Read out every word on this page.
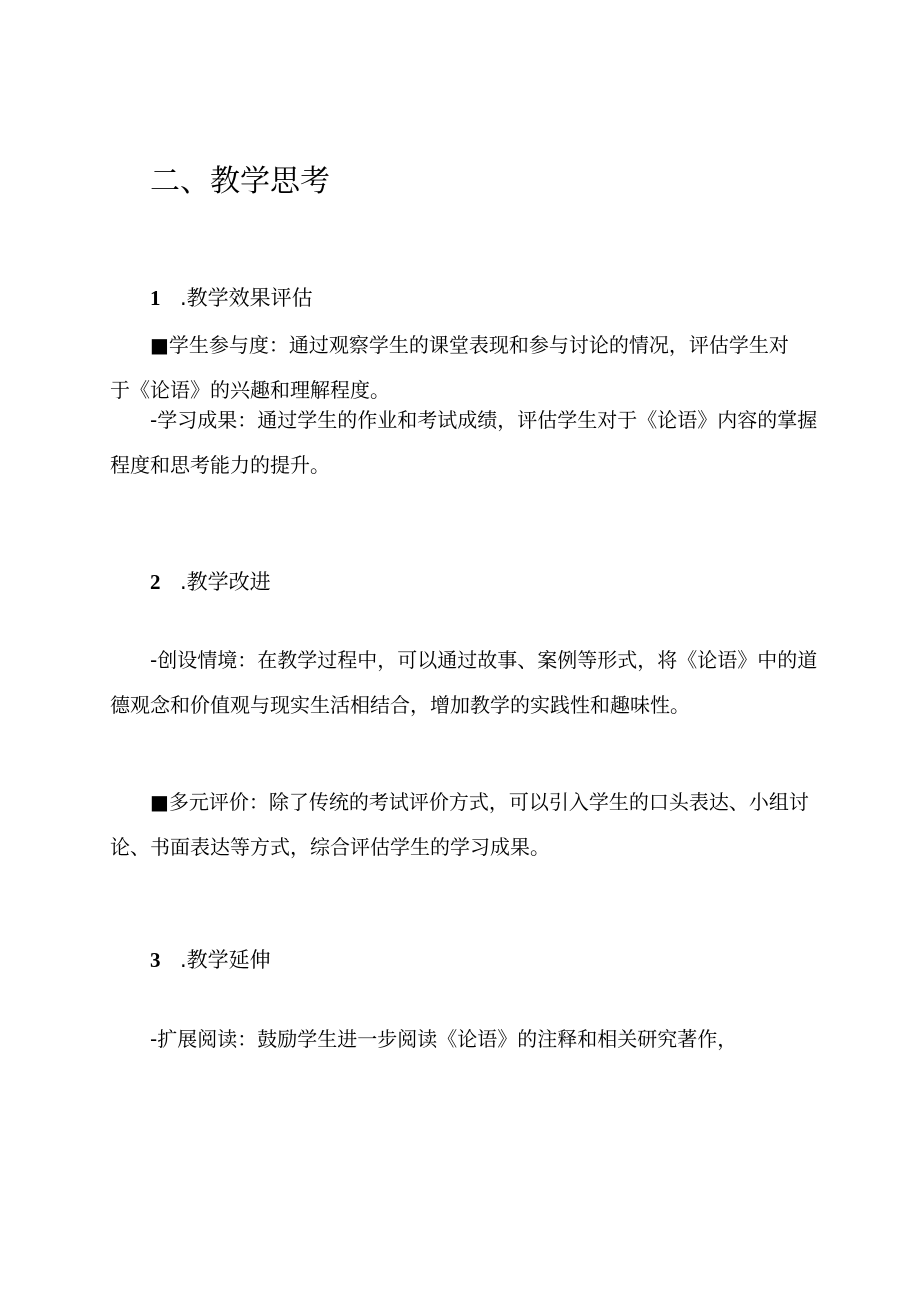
二、教学思考
1 .教学效果评估
■学生参与度：通过观察学生的课堂表现和参与讨论的情况，评估学生对于《论语》的兴趣和理解程度。
-学习成果：通过学生的作业和考试成绩，评估学生对于《论语》内容的掌握程度和思考能力的提升。
2 .教学改进
-创设情境：在教学过程中，可以通过故事、案例等形式，将《论语》中的道德观念和价值观与现实生活相结合，增加教学的实践性和趣味性。
■多元评价：除了传统的考试评价方式，可以引入学生的口头表达、小组讨论、书面表达等方式，综合评估学生的学习成果。
3 .教学延伸
-扩展阅读：鼓励学生进一步阅读《论语》的注释和相关研究著作，
